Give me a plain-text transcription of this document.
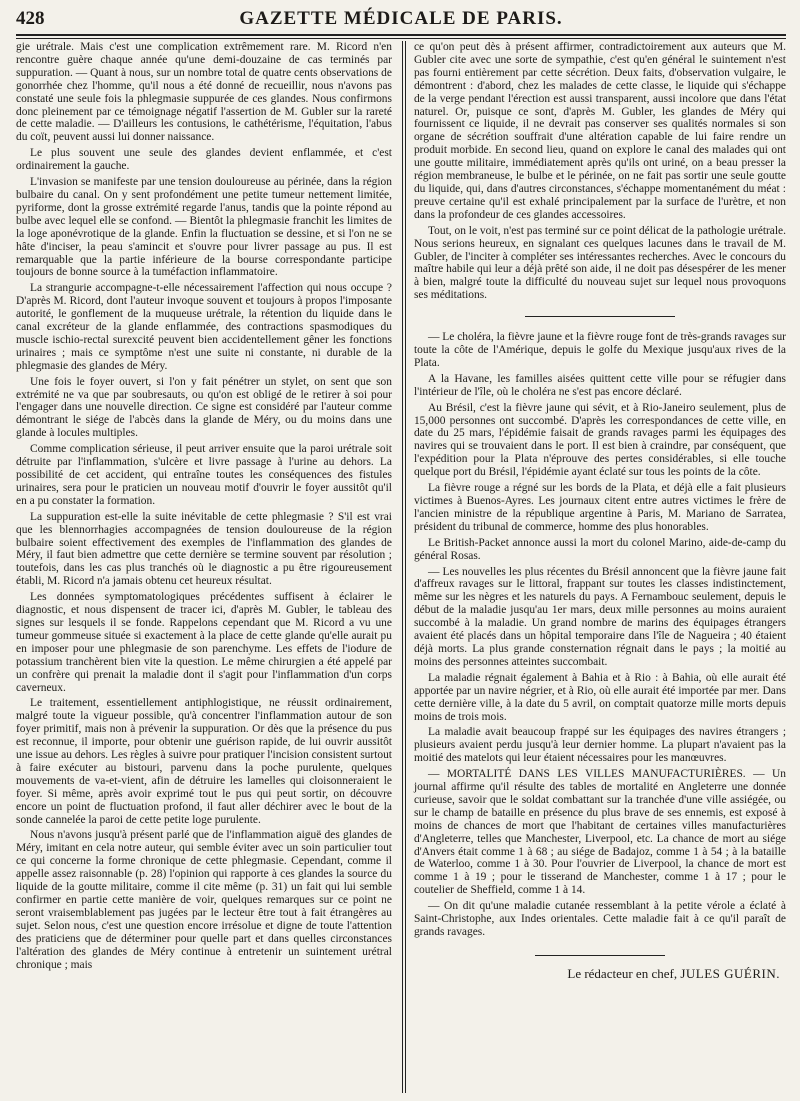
428	GAZETTE MÉDICALE DE PARIS.

gie urétrale. Mais c'est une complication extrêmement rare. M. Ricord n'en rencontre guère chaque année qu'une demi-douzaine de cas terminés par suppuration. — Quant à nous, sur un nombre total de quatre cents observations de gonorrhée chez l'homme, qu'il nous a été donné de recueillir, nous n'avons pas constaté une seule fois la phlegmasie suppurée de ces glandes. Nous confirmons donc pleinement par ce témoignage négatif l'assertion de M. Gubler sur la rareté de cette maladie. — D'ailleurs les contusions, le cathétérisme, l'équitation, l'abus du coït, peuvent aussi lui donner naissance.

Le plus souvent une seule des glandes devient enflammée, et c'est ordinairement la gauche.

L'invasion se manifeste par une tension douloureuse au périnée, dans la région bulbaire du canal. On y sent profondément une petite tumeur nettement limitée, pyriforme, dont la grosse extrémité regarde l'anus, tandis que la pointe répond au bulbe avec lequel elle se confond. — Bientôt la phlegmasie franchit les limites de la loge aponévrotique de la glande. Enfin la fluctuation se dessine, et si l'on ne se hâte d'inciser, la peau s'amincit et s'ouvre pour livrer passage au pus. Il est remarquable que la partie inférieure de la bourse correspondante participe toujours de bonne source à la tuméfaction inflammatoire.

La strangurie accompagne-t-elle nécessairement l'affection qui nous occupe ? D'après M. Ricord, dont l'auteur invoque souvent et toujours à propos l'imposante autorité, le gonflement de la muqueuse urétrale, la rétention du liquide dans le canal excréteur de la glande enflammée, des contractions spasmodiques du muscle ischio-rectal surexcité peuvent bien accidentellement gêner les fonctions urinaires ; mais ce symptôme n'est une suite ni constante, ni durable de la phlegmasie des glandes de Méry.

Une fois le foyer ouvert, si l'on y fait pénétrer un stylet, on sent que son extrémité ne va que par soubresauts, ou qu'on est obligé de le retirer à soi pour l'engager dans une nouvelle direction. Ce signe est considéré par l'auteur comme démontrant le siége de l'abcès dans la glande de Méry, ou du moins dans une glande à locules multiples.

Comme complication sérieuse, il peut arriver ensuite que la paroi urétrale soit détruite par l'inflammation, s'ulcère et livre passage à l'urine au dehors. La possibilité de cet accident, qui entraîne toutes les conséquences des fistules urinaires, sera pour le praticien un nouveau motif d'ouvrir le foyer aussitôt qu'il en a pu constater la formation.

La suppuration est-elle la suite inévitable de cette phlegmasie ? S'il est vrai que les blennorrhagies accompagnées de tension douloureuse de la région bulbaire soient effectivement des exemples de l'inflammation des glandes de Méry, il faut bien admettre que cette dernière se termine souvent par résolution ; toutefois, dans les cas plus tranchés où le diagnostic a pu être rigoureusement établi, M. Ricord n'a jamais obtenu cet heureux résultat.

Les données symptomatologiques précédentes suffisent à éclairer le diagnostic, et nous dispensent de tracer ici, d'après M. Gubler, le tableau des signes sur lesquels il se fonde. Rappelons cependant que M. Ricord a vu une tumeur gommeuse située si exactement à la place de cette glande qu'elle aurait pu en imposer pour une phlegmasie de son parenchyme. Les effets de l'iodure de potassium tranchèrent bien vite la question. Le même chirurgien a été appelé par un confrère qui prenait la maladie dont il s'agit pour l'inflammation d'un corps caverneux.

Le traitement, essentiellement antiphlogistique, ne réussit ordinairement, malgré toute la vigueur possible, qu'à concentrer l'inflammation autour de son foyer primitif, mais non à prévenir la suppuration. Or dès que la présence du pus est reconnue, il importe, pour obtenir une guérison rapide, de lui ouvrir aussitôt une issue au dehors. Les règles à suivre pour pratiquer l'incision consistent surtout à faire exécuter au bistouri, parvenu dans la poche purulente, quelques mouvements de va-et-vient, afin de détruire les lamelles qui cloisonneraient le foyer. Si même, après avoir exprimé tout le pus qui peut sortir, on découvre encore un point de fluctuation profond, il faut aller déchirer avec le bout de la sonde cannelée la paroi de cette petite loge purulente.

Nous n'avons jusqu'à présent parlé que de l'inflammation aiguë des glandes de Méry, imitant en cela notre auteur, qui semble éviter avec un soin particulier tout ce qui concerne la forme chronique de cette phlegmasie. Cependant, comme il appelle assez raisonnable (p. 28) l'opinion qui rapporte à ces glandes la source du liquide de la goutte militaire, comme il cite même (p. 31) un fait qui lui semble confirmer en partie cette manière de voir, quelques remarques sur ce point ne seront vraisemblablement pas jugées par le lecteur être tout à fait étrangères au sujet. Selon nous, c'est une question encore irrésolue et digne de toute l'attention des praticiens que de déterminer pour quelle part et dans quelles circonstances l'altération des glandes de Méry continue à entretenir un suintement urétral chronique ; mais

ce qu'on peut dès à présent affirmer, contradictoirement aux auteurs que M. Gubler cite avec une sorte de sympathie, c'est qu'en général le suintement n'est pas fourni entièrement par cette sécrétion. Deux faits, d'observation vulgaire, le démontrent : d'abord, chez les malades de cette classe, le liquide qui s'échappe de la verge pendant l'érection est aussi transparent, aussi incolore que dans l'état naturel. Or, puisque ce sont, d'après M. Gubler, les glandes de Méry qui fournissent ce liquide, il ne devrait pas conserver ses qualités normales si son organe de sécrétion souffrait d'une altération capable de lui faire rendre un produit morbide. En second lieu, quand on explore le canal des malades qui ont une goutte militaire, immédiatement après qu'ils ont uriné, on a beau presser la région membraneuse, le bulbe et le périnée, on ne fait pas sortir une seule goutte du liquide, qui, dans d'autres circonstances, s'échappe momentanément du méat : preuve certaine qu'il est exhalé principalement par la surface de l'urètre, et non dans la profondeur de ces glandes accessoires.

Tout, on le voit, n'est pas terminé sur ce point délicat de la pathologie urétrale. Nous serions heureux, en signalant ces quelques lacunes dans le travail de M. Gubler, de l'inciter à compléter ses intéressantes recherches. Avec le concours du maître habile qui leur a déjà prêté son aide, il ne doit pas désespérer de les mener à bien, malgré toute la difficulté du nouveau sujet sur lequel nous provoquons ses méditations.

— Le choléra, la fièvre jaune et la fièvre rouge font de très-grands ravages sur toute la côte de l'Amérique, depuis le golfe du Mexique jusqu'aux rives de la Plata.

A la Havane, les familles aisées quittent cette ville pour se réfugier dans l'intérieur de l'île, où le choléra ne s'est pas encore déclaré.

Au Brésil, c'est la fièvre jaune qui sévit, et à Rio-Janeiro seulement, plus de 15,000 personnes ont succombé. D'après les correspondances de cette ville, en date du 25 mars, l'épidémie faisait de grands ravages parmi les équipages des navires qui se trouvaient dans le port. Il est bien à craindre, par conséquent, que l'expédition pour la Plata n'éprouve des pertes considérables, si elle touche quelque port du Brésil, l'épidémie ayant éclaté sur tous les points de la côte.

La fièvre rouge a régné sur les bords de la Plata, et déjà elle a fait plusieurs victimes à Buenos-Ayres. Les journaux citent entre autres victimes le frère de l'ancien ministre de la république argentine à Paris, M. Mariano de Sarratea, président du tribunal de commerce, homme des plus honorables.

Le British-Packet annonce aussi la mort du colonel Marino, aide-de-camp du général Rosas.

— Les nouvelles les plus récentes du Brésil annoncent que la fièvre jaune fait d'affreux ravages sur le littoral, frappant sur toutes les classes indistinctement, même sur les nègres et les naturels du pays. A Fernambouc seulement, depuis le début de la maladie jusqu'au 1er mars, deux mille personnes au moins auraient succombé à la maladie. Un grand nombre de marins des équipages étrangers avaient été placés dans un hôpital temporaire dans l'île de Nagueira ; 40 étaient déjà morts. La plus grande consternation régnait dans le pays ; la moitié au moins des personnes atteintes succombait.

La maladie régnait également à Bahia et à Rio : à Bahia, où elle aurait été apportée par un navire négrier, et à Rio, où elle aurait été importée par mer. Dans cette dernière ville, à la date du 5 avril, on comptait quatorze mille morts depuis moins de trois mois.

La maladie avait beaucoup frappé sur les équipages des navires étrangers ; plusieurs avaient perdu jusqu'à leur dernier homme. La plupart n'avaient pas la moitié des matelots qui leur étaient nécessaires pour les manœuvres.

— MORTALITÉ DANS LES VILLES MANUFACTURIÈRES. — Un journal affirme qu'il résulte des tables de mortalité en Angleterre une donnée curieuse, savoir que le soldat combattant sur la tranchée d'une ville assiégée, ou sur le champ de bataille en présence du plus brave de ses ennemis, est exposé à moins de chances de mort que l'habitant de certaines villes manufacturières d'Angleterre, telles que Manchester, Liverpool, etc. La chance de mort au siége d'Anvers était comme 1 à 68 ; au siége de Badajoz, comme 1 à 54 ; à la bataille de Waterloo, comme 1 à 30. Pour l'ouvrier de Liverpool, la chance de mort est comme 1 à 19 ; pour le tisserand de Manchester, comme 1 à 17 ; pour le coutelier de Sheffield, comme 1 à 14.

— On dit qu'une maladie cutanée ressemblant à la petite vérole a éclaté à Saint-Christophe, aux Indes orientales. Cette maladie fait à ce qu'il paraît de grands ravages.

Le rédacteur en chef, JULES GUÉRIN.
